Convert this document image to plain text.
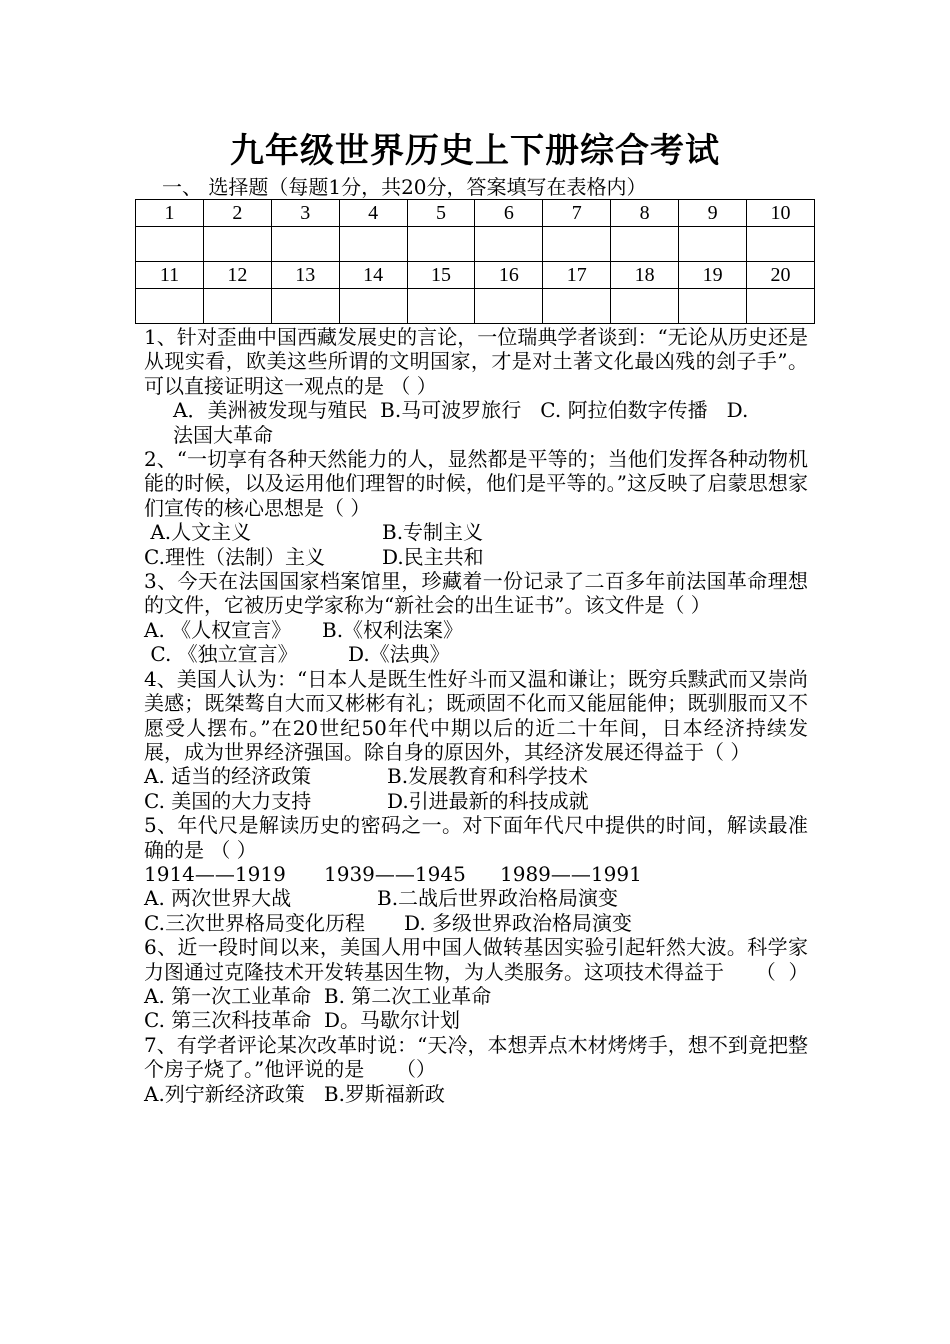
九年级世界历史上下册综合考试
一、 选择题（每题1分，共20分，答案填写在表格内）
1	2	3	4	5	6	7	8	9	10

11	12	13	14	15	16	17	18	19	20

1、针对歪曲中国西藏发展史的言论，一位瑞典学者谈到：“无论从历史还是从现实看，欧美这些所谓的文明国家，才是对土著文化最凶残的刽子手”。可以直接证明这一观点的是 （ ）

A．美洲被发现与殖民  B.马可波罗旅行   C. 阿拉伯数字传播   D.

法国大革命

2、“一切享有各种天然能力的人，显然都是平等的；当他们发挥各种动物机能的时候，以及运用他们理智的时候，他们是平等的。”这反映了启蒙思想家们宣传的核心思想是（ ）

A.人文主义	B.专制主义

C.理性（法制）主义	D.民主共和

3、今天在法国国家档案馆里，珍藏着一份记录了二百多年前法国革命理想的文件，它被历史学家称为“新社会的出生证书”。该文件是（ ）

A. 《人权宣言》 B.《权利法案》

C. 《独立宣言》	D.《法典》

4、美国人认为：“日本人是既生性好斗而又温和谦让；既穷兵黩武而又崇尚美感；既桀骜自大而又彬彬有礼；既顽固不化而又能屈能伸；既驯服而又不愿受人摆布。”在20世纪50年代中期以后的近二十年间，日本经济持续发展，成为世界经济强国。除自身的原因外，其经济发展还得益于（ ）

A. 适当的经济政策	B.发展教育和科学技术

C. 美国的大力支持	D.引进最新的科技成就

5、年代尺是解读历史的密码之一。对下面年代尺中提供的时间，解读最准确的是 （ ）

1914——1919 1939——1945 1989——1991

A. 两次世界大战	B.二战后世界政治格局演变

C.三次世界格局变化历程 D. 多级世界政治格局演变

6、近一段时间以来，美国人用中国人做转基因实验引起轩然大波。科学家力图通过克隆技术开发转基因生物，为人类服务。这项技术得益于     （  ）

A. 第一次工业革命  B. 第二次工业革命

C. 第三次科技革命  D。马歇尔计划

7、有学者评论某次改革时说：“天冷，本想弄点木材烤烤手，想不到竟把整个房子烧了。”他评说的是     （）

A.列宁新经济政策   B.罗斯福新政
